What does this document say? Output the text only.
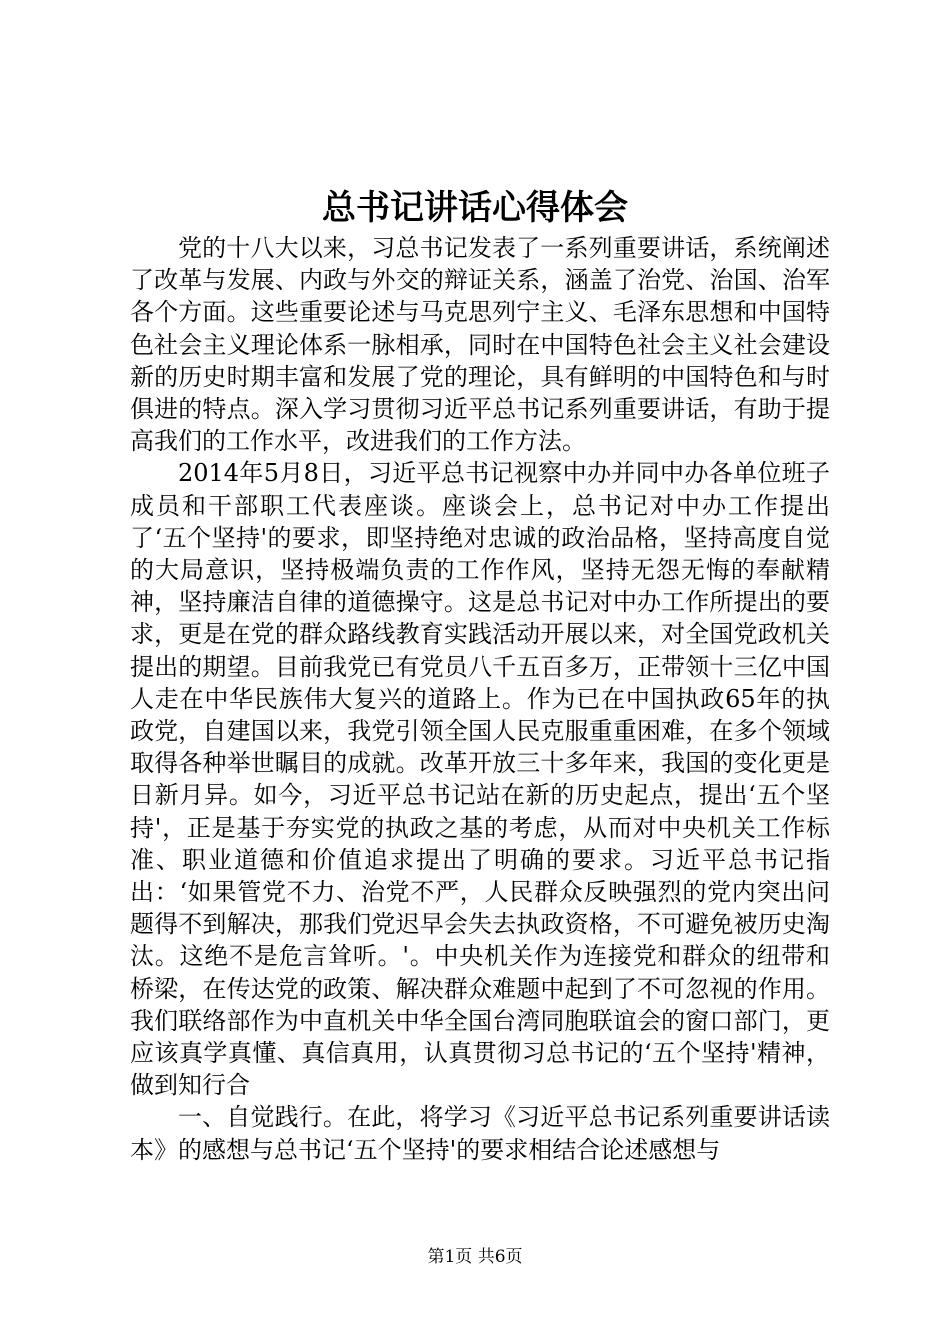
总书记讲话心得体会

党的十八大以来，习总书记发表了一系列重要讲话，系统阐述了改革与发展、内政与外交的辩证关系，涵盖了治党、治国、治军各个方面。这些重要论述与马克思列宁主义、毛泽东思想和中国特色社会主义理论体系一脉相承，同时在中国特色社会主义社会建设新的历史时期丰富和发展了党的理论，具有鲜明的中国特色和与时俱进的特点。深入学习贯彻习近平总书记系列重要讲话，有助于提高我们的工作水平，改进我们的工作方法。

2014年5月8日，习近平总书记视察中办并同中办各单位班子成员和干部职工代表座谈。座谈会上，总书记对中办工作提出了‘五个坚持'的要求，即坚持绝对忠诚的政治品格，坚持高度自觉的大局意识，坚持极端负责的工作作风，坚持无怨无悔的奉献精神，坚持廉洁自律的道德操守。这是总书记对中办工作所提出的要求，更是在党的群众路线教育实践活动开展以来，对全国党政机关提出的期望。目前我党已有党员八千五百多万，正带领十三亿中国人走在中华民族伟大复兴的道路上。作为已在中国执政65年的执政党，自建国以来，我党引领全国人民克服重重困难，在多个领域取得各种举世瞩目的成就。改革开放三十多年来，我国的变化更是日新月异。如今，习近平总书记站在新的历史起点，提出‘五个坚持'，正是基于夯实党的执政之基的考虑，从而对中央机关工作标准、职业道德和价值追求提出了明确的要求。习近平总书记指出：‘如果管党不力、治党不严，人民群众反映强烈的党内突出问题得不到解决，那我们党迟早会失去执政资格，不可避免被历史淘汰。这绝不是危言耸听。'。中央机关作为连接党和群众的纽带和桥梁，在传达党的政策、解决群众难题中起到了不可忽视的作用。我们联络部作为中直机关中华全国台湾同胞联谊会的窗口部门，更应该真学真懂、真信真用，认真贯彻习总书记的‘五个坚持'精神，做到知行合

一、自觉践行。在此，将学习《习近平总书记系列重要讲话读本》的感想与总书记‘五个坚持'的要求相结合论述感想与

第1页 共6页
